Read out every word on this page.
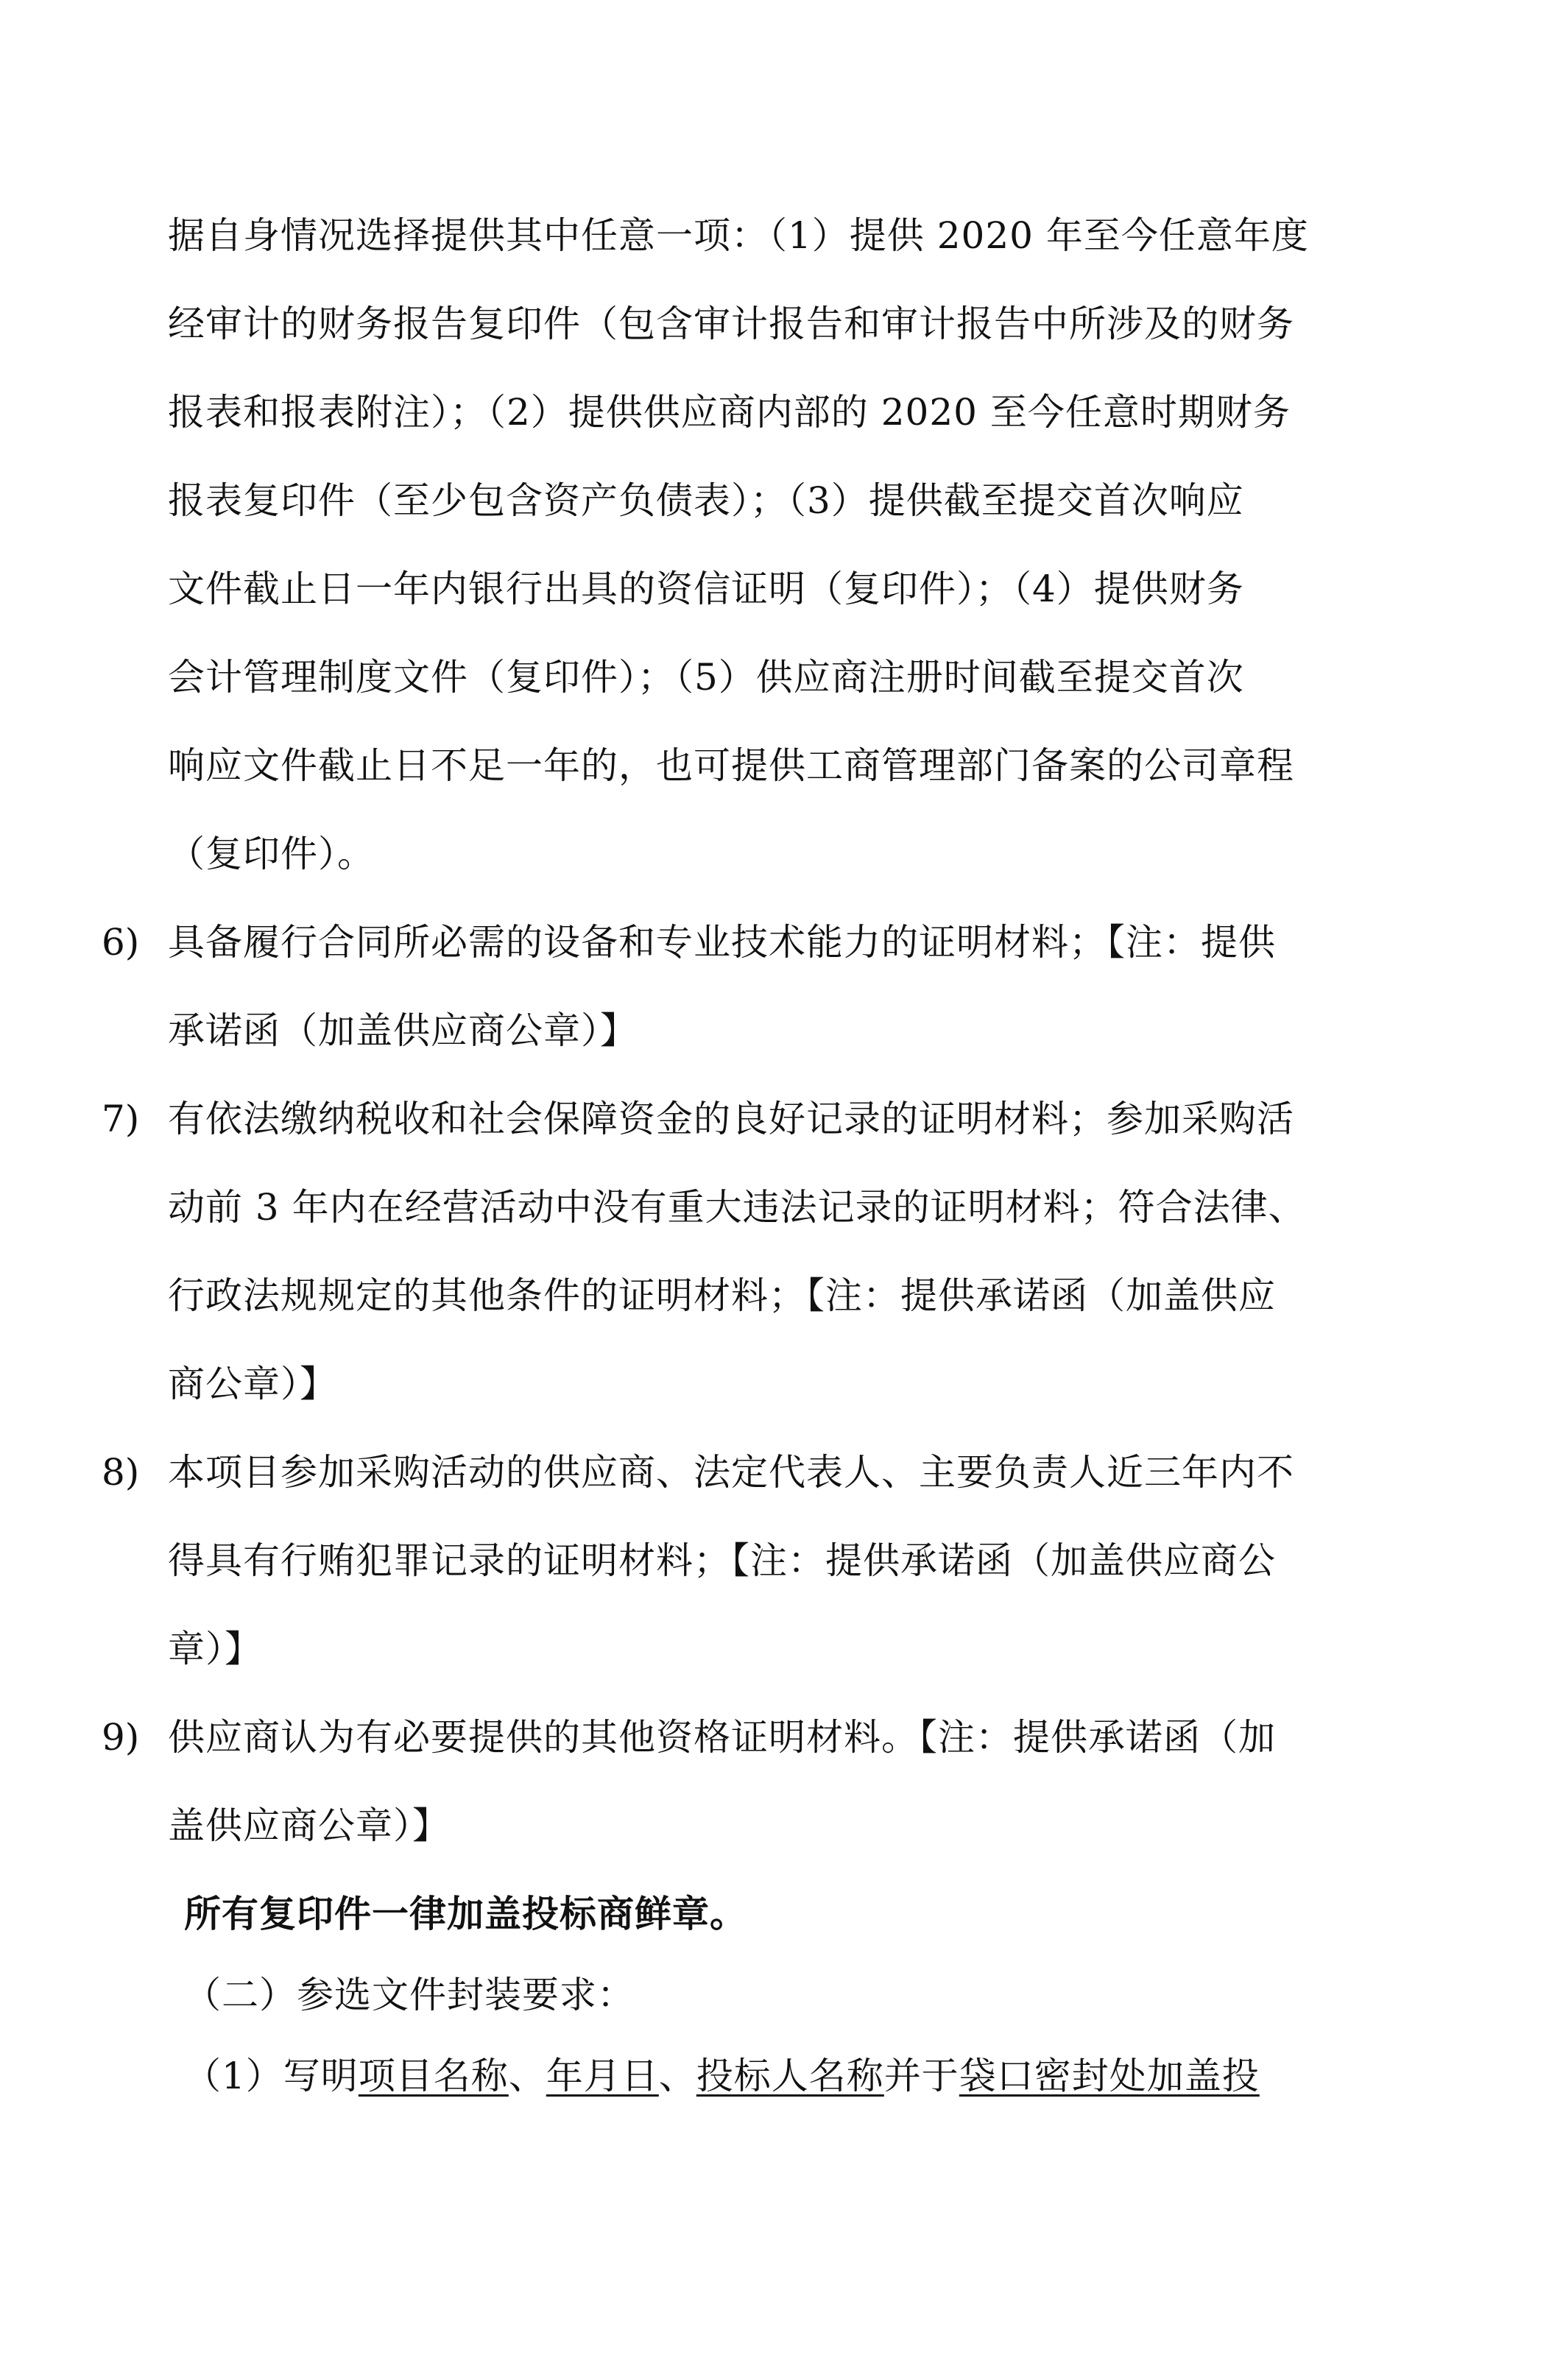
据自身情况选择提供其中任意一项：（1）提供 2020 年至今任意年度
经审计的财务报告复印件（包含审计报告和审计报告中所涉及的财务
报表和报表附注）；（2）提供供应商内部的 2020 至今任意时期财务
报表复印件（至少包含资产负债表）；（3）提供截至提交首次响应
文件截止日一年内银行出具的资信证明（复印件）；（4）提供财务
会计管理制度文件（复印件）；（5）供应商注册时间截至提交首次
响应文件截止日不足一年的，也可提供工商管理部门备案的公司章程
（复印件）。
6) 具备履行合同所必需的设备和专业技术能力的证明材料；【注：提供
承诺函（加盖供应商公章）】
7) 有依法缴纳税收和社会保障资金的良好记录的证明材料；参加采购活
动前 3 年内在经营活动中没有重大违法记录的证明材料；符合法律、
行政法规规定的其他条件的证明材料；【注：提供承诺函（加盖供应
商公章）】
8) 本项目参加采购活动的供应商、法定代表人、主要负责人近三年内不
得具有行贿犯罪记录的证明材料；【注：提供承诺函（加盖供应商公
章）】
9) 供应商认为有必要提供的其他资格证明材料。【注：提供承诺函（加
盖供应商公章）】
所有复印件一律加盖投标商鲜章。
（二）参选文件封装要求：
（1）写明项目名称、年月日、投标人名称并于袋口密封处加盖投
